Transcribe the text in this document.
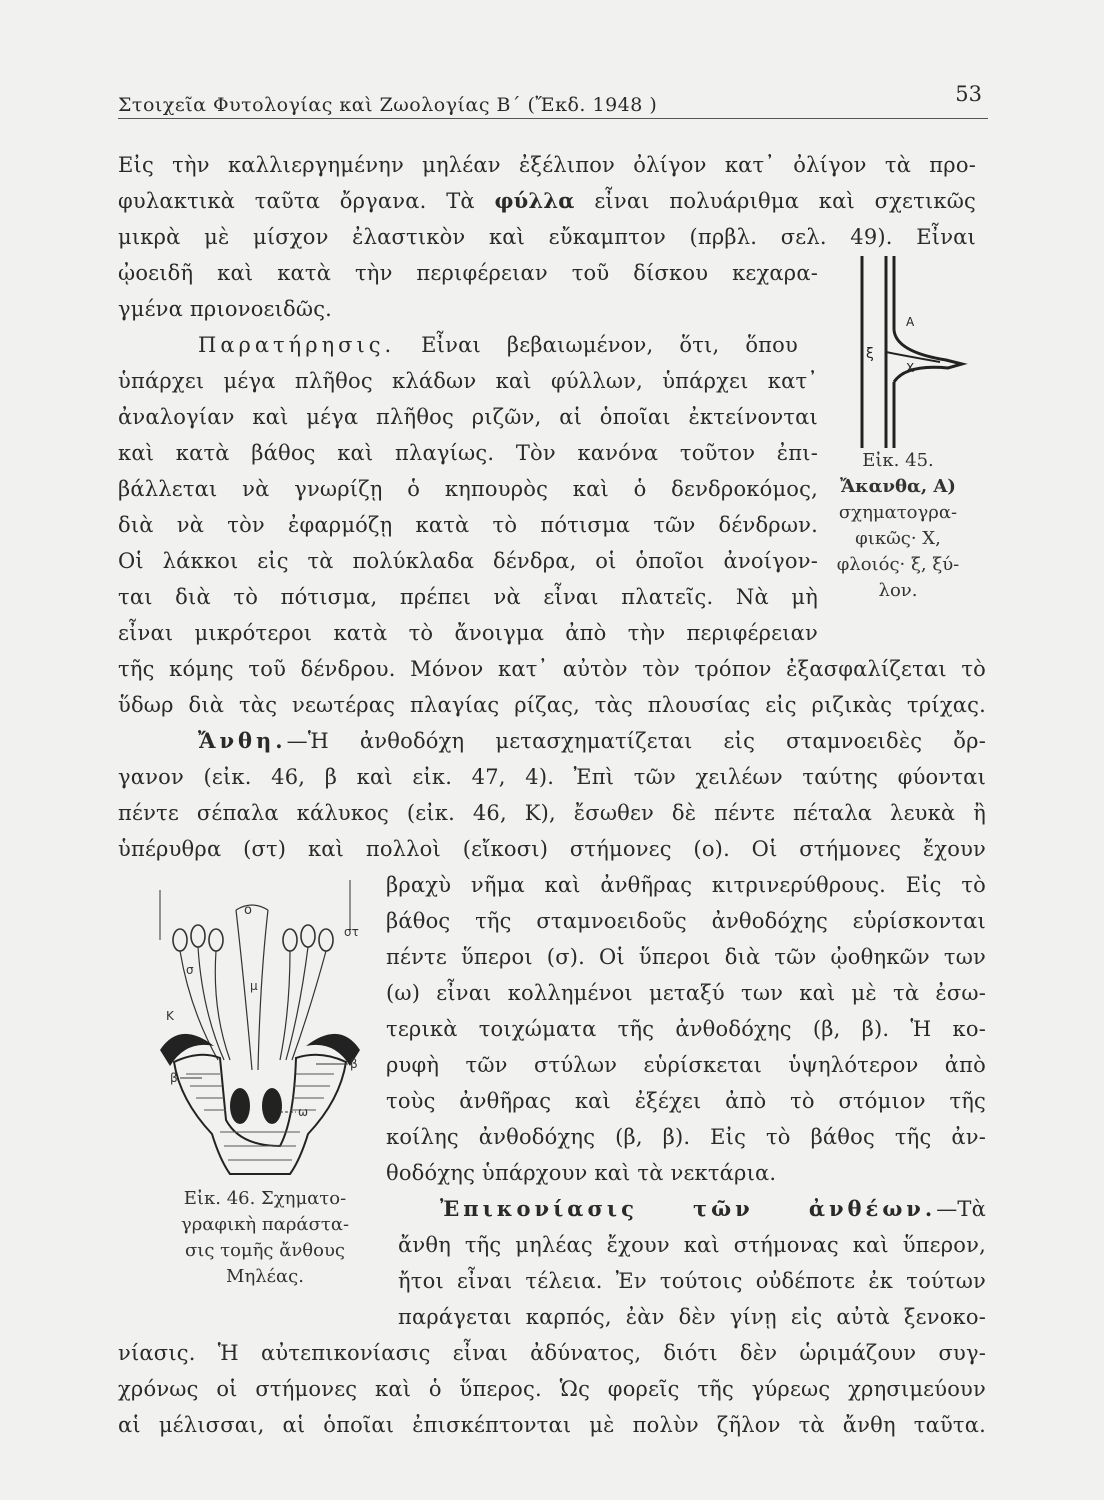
Στοιχεῖα Φυτολογίας καὶ Ζωολογίας Β΄ (Ἔκδ. 1948 )	53
Εἰς τὴν καλλιεργημένην μηλέαν ἐξέλιπον ὀλίγον κατ᾽ ὀλίγον τὰ προ-
φυλακτικὰ ταῦτα ὄργανα. Τὰ φύλλα εἶναι πολυάριθμα καὶ σχετικῶς
μικρὰ μὲ μίσχον ἐλαστικὸν καὶ εὔκαμπτον (πρβλ. σελ. 49). Εἶναι
ᾠοειδῆ καὶ κατὰ τὴν περιφέρειαν τοῦ δίσκου κεχαρα-
γμένα πριονοειδῶς.
Παρατήρησις. Εἶναι βεβαιωμένον, ὅτι, ὅπου
ὑπάρχει μέγα πλῆθος κλάδων καὶ φύλλων, ὑπάρχει κατ᾽
ἀναλογίαν καὶ μέγα πλῆθος ριζῶν, αἱ ὁποῖαι ἐκτείνονται
καὶ κατὰ βάθος καὶ πλαγίως. Τὸν κανόνα τοῦτον ἐπι-
βάλλεται νὰ γνωρίζῃ ὁ κηπουρὸς καὶ ὁ δενδροκόμος,
διὰ νὰ τὸν ἐφαρμόζῃ κατὰ τὸ πότισμα τῶν δένδρων.
Οἱ λάκκοι εἰς τὰ πολύκλαδα δένδρα, οἱ ὁποῖοι ἀνοίγον-
ται διὰ τὸ πότισμα, πρέπει νὰ εἶναι πλατεῖς. Νὰ μὴ
εἶναι μικρότεροι κατὰ τὸ ἄνοιγμα ἀπὸ τὴν περιφέρειαν
τῆς κόμης τοῦ δένδρου. Μόνον κατ᾽ αὐτὸν τὸν τρόπον ἐξασφαλίζεται τὸ
ὕδωρ διὰ τὰς νεωτέρας πλαγίας ρίζας, τὰς πλουσίας εἰς ριζικὰς τρίχας.
Ἄνθη.—Ἡ ἀνθοδόχη μετασχηματίζεται εἰς σταμνοειδὲς ὄρ-
γανον (εἰκ. 46, β καὶ εἰκ. 47, 4). Ἐπὶ τῶν χειλέων ταύτης φύονται
πέντε σέπαλα κάλυκος (εἰκ. 46, Κ), ἔσωθεν δὲ πέντε πέταλα λευκὰ ἢ
ὑπέρυθρα (στ) καὶ πολλοὶ (εἴκοσι) στήμονες (ο). Οἱ στήμονες ἔχουν
βραχὺ νῆμα καὶ ἀνθῆρας κιτρινερύθρους. Εἰς τὸ
βάθος τῆς σταμνοειδοῦς ἀνθοδόχης εὑρίσκονται
πέντε ὕπεροι (σ). Οἱ ὕπεροι διὰ τῶν ᾠοθηκῶν των
(ω) εἶναι κολλημένοι μεταξύ των καὶ μὲ τὰ ἐσω-
τερικὰ τοιχώματα τῆς ἀνθοδόχης (β, β). Ἡ κο-
ρυφὴ τῶν στύλων εὑρίσκεται ὑψηλότερον ἀπὸ
τοὺς ἀνθῆρας καὶ ἐξέχει ἀπὸ τὸ στόμιον τῆς
κοίλης ἀνθοδόχης (β, β). Εἰς τὸ βάθος τῆς ἀν-
θοδόχης ὑπάρχουν καὶ τὰ νεκτάρια.
Ἐπικονίασις τῶν ἀνθέων.—Τὰ
ἄνθη τῆς μηλέας ἔχουν καὶ στήμονας καὶ ὕπερον,
ἤτοι εἶναι τέλεια. Ἐν τούτοις οὐδέποτε ἐκ τούτων
παράγεται καρπός, ἐὰν δὲν γίνῃ εἰς αὐτὰ ξενοκο-
νίασις. Ἡ αὐτεπικονίασις εἶναι ἀδύνατος, διότι δὲν ὡριμάζουν συγ-
χρόνως οἱ στήμονες καὶ ὁ ὕπερος. Ὡς φορεῖς τῆς γύρεως χρησιμεύουν
αἱ μέλισσαι, αἱ ὁποῖαι ἐπισκέπτονται μὲ πολὺν ζῆλον τὰ ἄνθη ταῦτα.
Α
Χ
ξ
Εἰκ. 45.
Ἄκανθα, Α)
σχηματογρα-
φικῶς· Χ,
φλοιός· ξ, ξύ-
λον.
ο
στ
σ
μ
Κ
β
β
ω
Εἰκ. 46. Σχηματο-
γραφικὴ παράστα-
σις τομῆς ἄνθους
Μηλέας.
